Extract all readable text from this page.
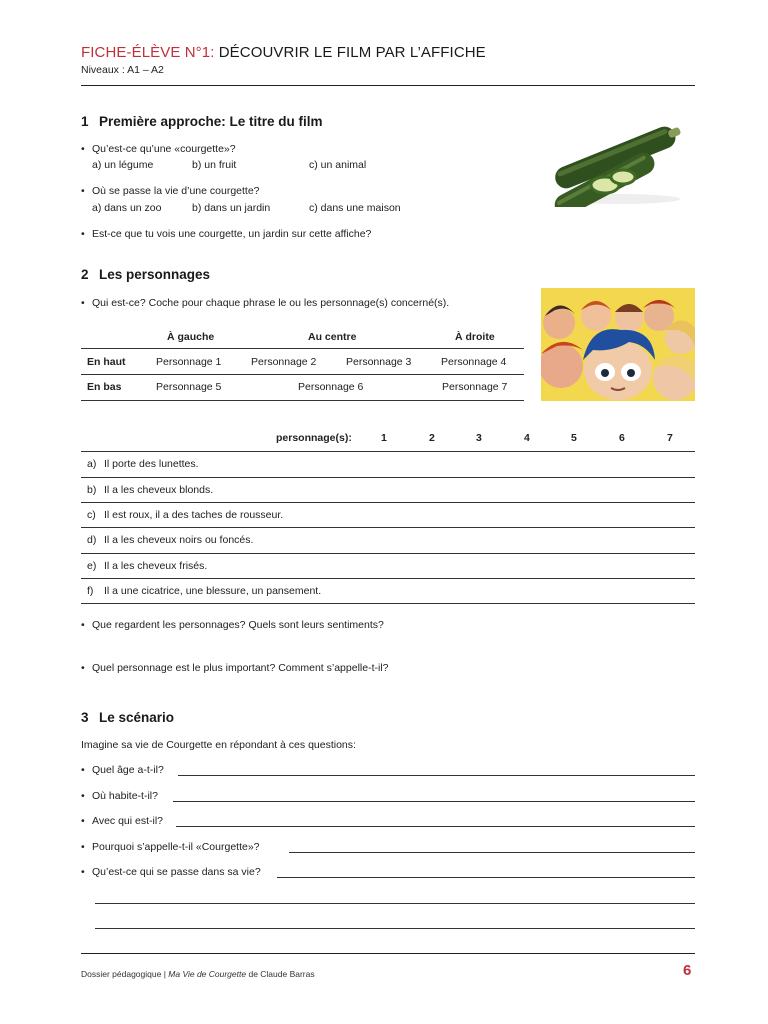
FICHE-ÉLÈVE N°1: DÉCOUVRIR LE FILM PAR L’AFFICHE
Niveaux : A1 – A2
1 Première approche: Le titre du film
• Qu’est-ce qu’une «courgette»?
a) un légume	b) un fruit	c) un animal
• Où se passe la vie d’une courgette?
a) dans un zoo	b) dans un jardin	c) dans une maison
• Est-ce que tu vois une courgette, un jardin sur cette affiche?
2 Les personnages
• Qui est-ce? Coche pour chaque phrase le ou les personnage(s) concerné(s).
À gauche	Au centre	À droite
En haut	Personnage 1	Personnage 2	Personnage 3	Personnage 4
En bas	Personnage 5	Personnage 6	Personnage 7
personnage(s):	1	2	3	4	5	6	7
a) Il porte des lunettes.
b) Il a les cheveux blonds.
c) Il est roux, il a des taches de rousseur.
d) Il a les cheveux noirs ou foncés.
e) Il a les cheveux frisés.
f) Il a une cicatrice, une blessure, un pansement.
• Que regardent les personnages? Quels sont leurs sentiments?
• Quel personnage est le plus important? Comment s’appelle-t-il?
3 Le scénario
Imagine sa vie de Courgette en répondant à ces questions:
• Quel âge a-t-il?
• Où habite-t-il?
• Avec qui est-il?
• Pourquoi s’appelle-t-il «Courgette»?
• Qu’est-ce qui se passe dans sa vie?
Dossier pédagogique | Ma Vie de Courgette de Claude Barras	6
